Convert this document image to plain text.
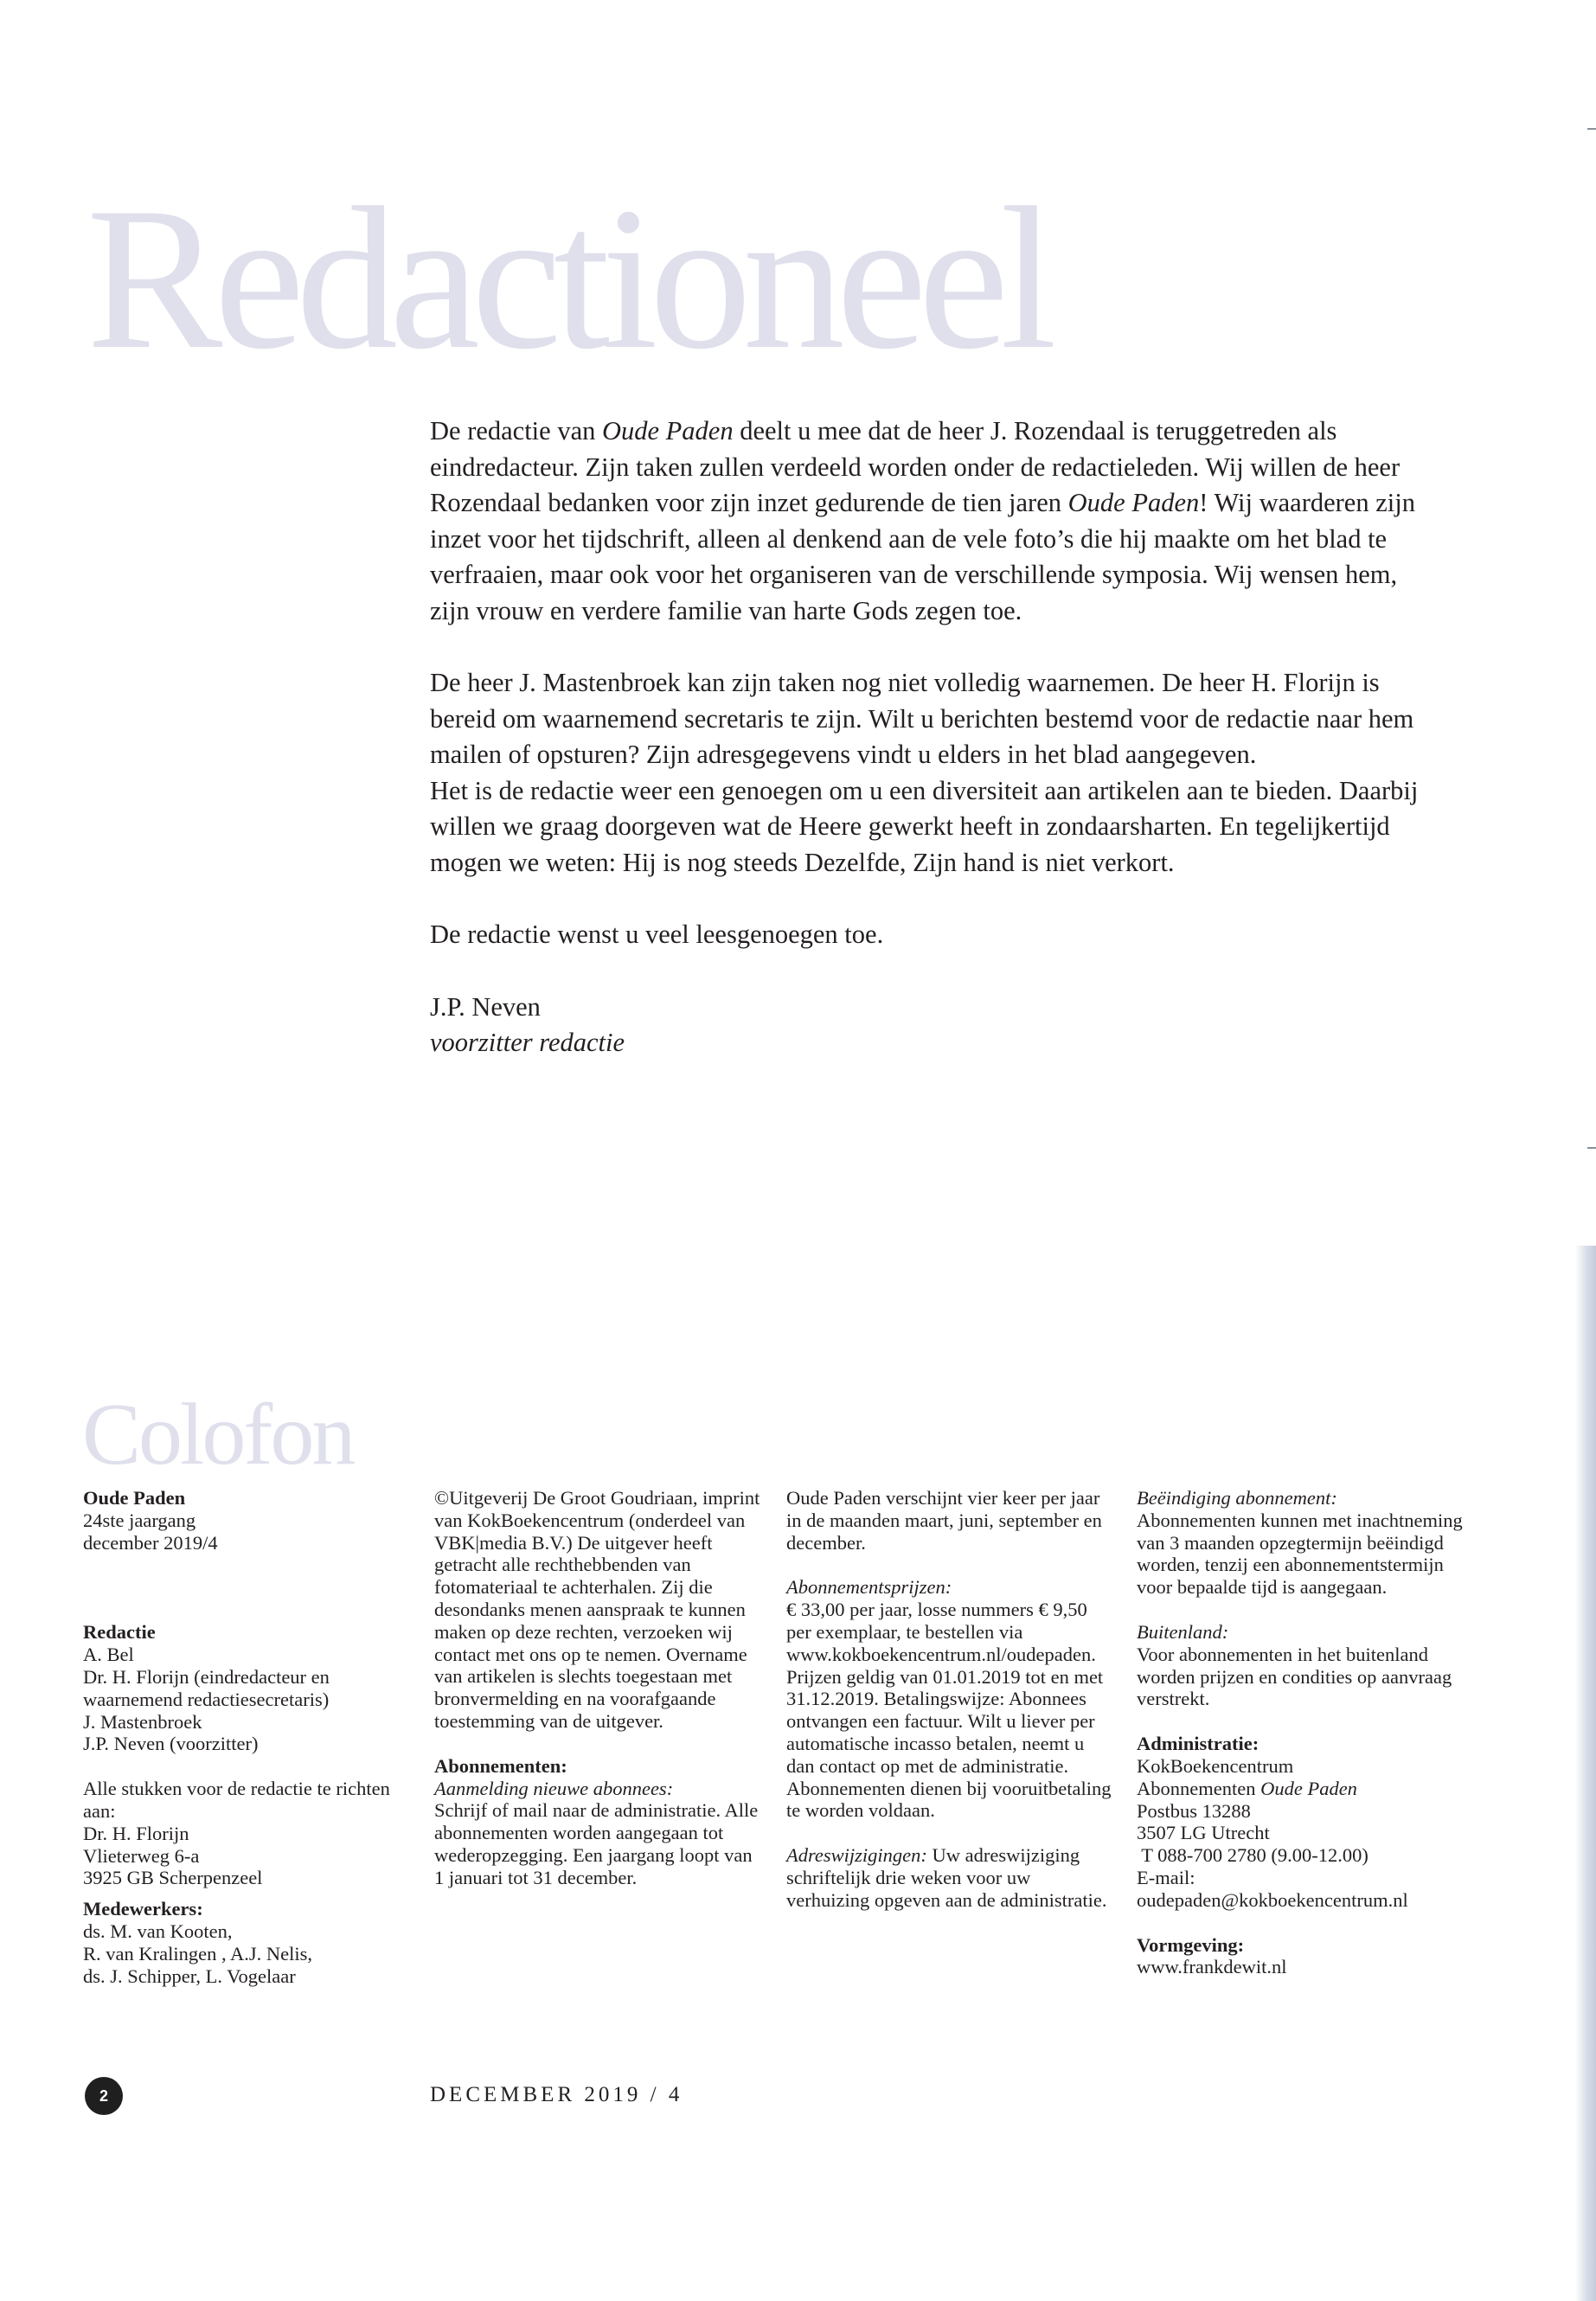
Redactioneel

De redactie van Oude Paden deelt u mee dat de heer J. Rozendaal is teruggetreden als eindredacteur. Zijn taken zullen verdeeld worden onder de redactieleden. Wij willen de heer Rozendaal bedanken voor zijn inzet gedurende de tien jaren Oude Paden! Wij waarderen zijn inzet voor het tijdschrift, alleen al denkend aan de vele foto’s die hij maakte om het blad te verfraaien, maar ook voor het organiseren van de verschillende symposia. Wij wensen hem, zijn vrouw en verdere familie van harte Gods zegen toe.

De heer J. Mastenbroek kan zijn taken nog niet volledig waarnemen. De heer H. Florijn is bereid om waarnemend secretaris te zijn. Wilt u berichten bestemd voor de redactie naar hem mailen of opsturen? Zijn adresgegevens vindt u elders in het blad aangegeven.

Het is de redactie weer een genoegen om u een diversiteit aan artikelen aan te bieden. Daarbij willen we graag doorgeven wat de Heere gewerkt heeft in zondaarsharten. En tegelijkertijd mogen we weten: Hij is nog steeds Dezelfde, Zijn hand is niet verkort.

De redactie wenst u veel leesgenoegen toe.

J.P. Neven

voorzitter redactie

Colofon

Oude Paden

24ste jaargang

december 2019/4

Redactie

A. Bel

Dr. H. Florijn (eindredacteur en

waarnemend redactiesecretaris)

J. Mastenbroek

J.P. Neven (voorzitter)

Alle stukken voor de redactie te richten aan:

Dr. H. Florijn

Vlieterweg 6-a

3925 GB Scherpenzeel

Medewerkers:

ds. M. van Kooten,

R. van Kralingen , A.J. Nelis,

ds. J. Schipper, L. Vogelaar

©Uitgeverij De Groot Goudriaan, imprint van KokBoekencentrum (onderdeel van VBK|media B.V.) De uitgever heeft getracht alle rechthebbenden van fotomateriaal te achterhalen. Zij die desondanks menen aanspraak te kunnen maken op deze rechten, verzoeken wij contact met ons op te nemen. Overname van artikelen is slechts toegestaan met bronvermelding en na voorafgaande toestemming van de uitgever.

Abonnementen:

Aanmelding nieuwe abonnees:

Schrijf of mail naar de administratie. Alle abonnementen worden aangegaan tot wederopzegging. Een jaargang loopt van 1 januari tot 31 december.

Oude Paden verschijnt vier keer per jaar in de maanden maart, juni, september en december.

Abonnementsprijzen:

€ 33,00 per jaar, losse nummers € 9,50 per exemplaar, te bestellen via www.kokboekencentrum.nl/oudepaden. Prijzen geldig van 01.01.2019 tot en met 31.12.2019. Betalingswijze: Abonnees ontvangen een factuur. Wilt u liever per automatische incasso betalen, neemt u dan contact op met de administratie. Abonnementen dienen bij vooruitbetaling te worden voldaan.

Adreswijzigingen: Uw adreswijziging schriftelijk drie weken voor uw verhuizing opgeven aan de administratie.

Beëindiging abonnement:

Abonnementen kunnen met inachtneming van 3 maanden opzegtermijn beëindigd worden, tenzij een abonnementstermijn voor bepaalde tijd is aangegaan.

Buitenland:

Voor abonnementen in het buitenland worden prijzen en condities op aanvraag verstrekt.

Administratie:

KokBoekencentrum

Abonnementen Oude Paden

Postbus 13288

3507 LG Utrecht

T 088-700 2780 (9.00-12.00)

E-mail:

oudepaden@kokboekencentrum.nl

Vormgeving:

www.frankdewit.nl

2	DECEMBER 2019 / 4
